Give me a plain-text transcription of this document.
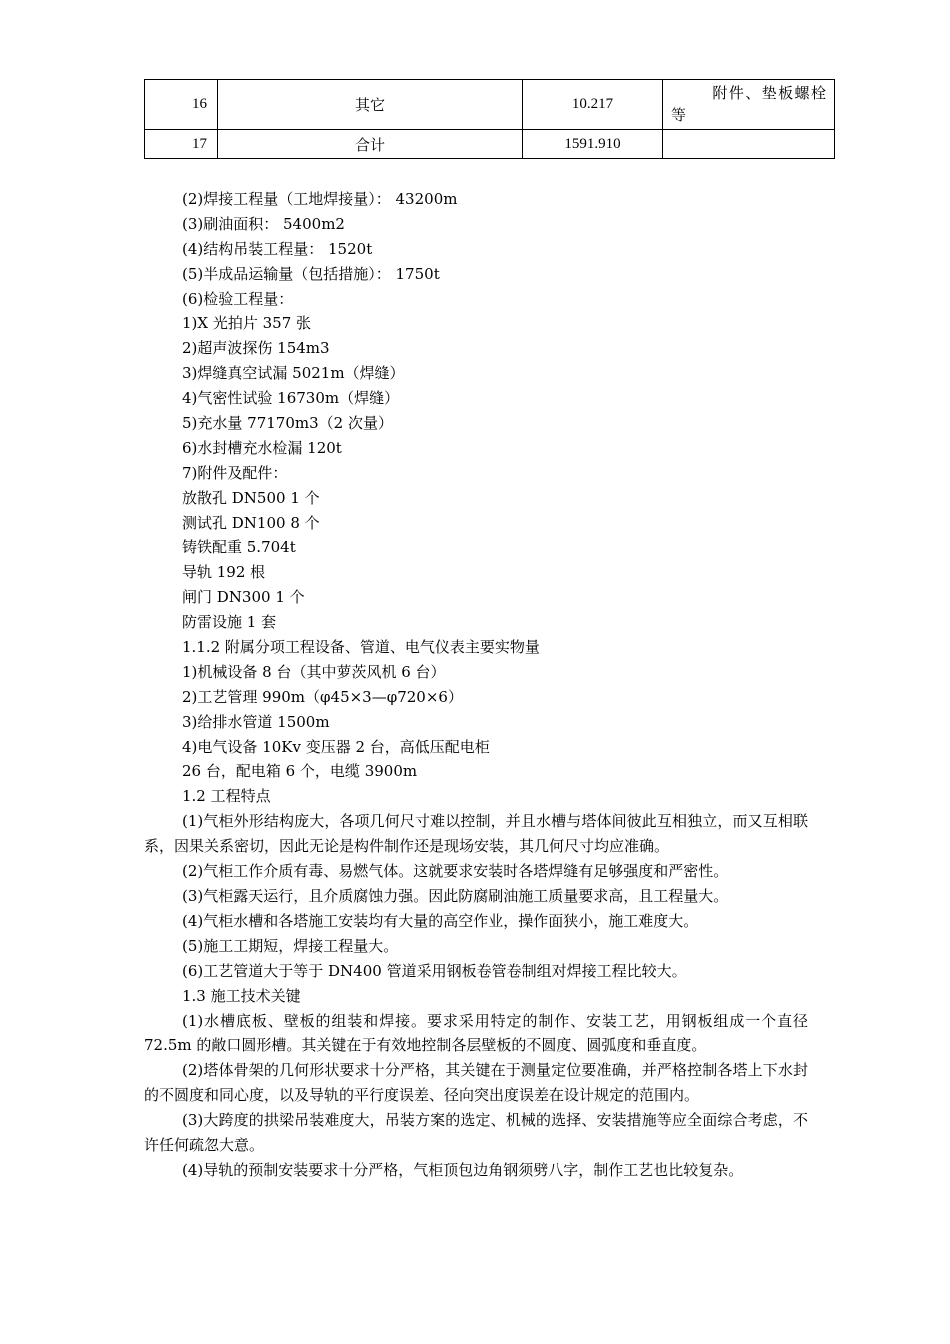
16	其它	10.217	附件、垫板螺栓等
17	合计	1591.910	
(2)焊接工程量（工地焊接量）： 43200m
(3)刷油面积： 5400m2
(4)结构吊装工程量： 1520t
(5)半成品运输量（包括措施）： 1750t
(6)检验工程量：
1)X 光拍片 357 张
2)超声波探伤 154m3
3)焊缝真空试漏 5021m（焊缝）
4)气密性试验 16730m（焊缝）
5)充水量 77170m3（2 次量）
6)水封槽充水检漏 120t
7)附件及配件：
放散孔 DN500 1 个
测试孔 DN100 8 个
铸铁配重 5.704t
导轨 192 根
闸门 DN300 1 个
防雷设施 1 套
1.1.2 附属分项工程设备、管道、电气仪表主要实物量
1)机械设备 8 台（其中萝茨风机 6 台）
2)工艺管理 990m（φ45×3—φ720×6）
3)给排水管道 1500m
4)电气设备 10Kv 变压器 2 台，高低压配电柜
26 台，配电箱 6 个，电缆 3900m
1.2 工程特点
(1)气柜外形结构庞大，各项几何尺寸难以控制，并且水槽与塔体间彼此互相独立，而又互相联系，因果关系密切，因此无论是构件制作还是现场安装，其几何尺寸均应准确。
(2)气柜工作介质有毒、易燃气体。这就要求安装时各塔焊缝有足够强度和严密性。
(3)气柜露天运行，且介质腐蚀力强。因此防腐刷油施工质量要求高，且工程量大。
(4)气柜水槽和各塔施工安装均有大量的高空作业，操作面狭小，施工难度大。
(5)施工工期短，焊接工程量大。
(6)工艺管道大于等于 DN400 管道采用钢板卷管卷制组对焊接工程比较大。
1.3 施工技术关键
(1)水槽底板、壁板的组装和焊接。要求采用特定的制作、安装工艺，用钢板组成一个直径 72.5m 的敞口圆形槽。其关键在于有效地控制各层壁板的不圆度、圆弧度和垂直度。
(2)塔体骨架的几何形状要求十分严格，其关键在于测量定位要准确，并严格控制各塔上下水封的不圆度和同心度，以及导轨的平行度误差、径向突出度误差在设计规定的范围内。
(3)大跨度的拱梁吊装难度大，吊装方案的选定、机械的选择、安装措施等应全面综合考虑，不许任何疏忽大意。
(4)导轨的预制安装要求十分严格，气柜顶包边角钢须劈八字，制作工艺也比较复杂。
